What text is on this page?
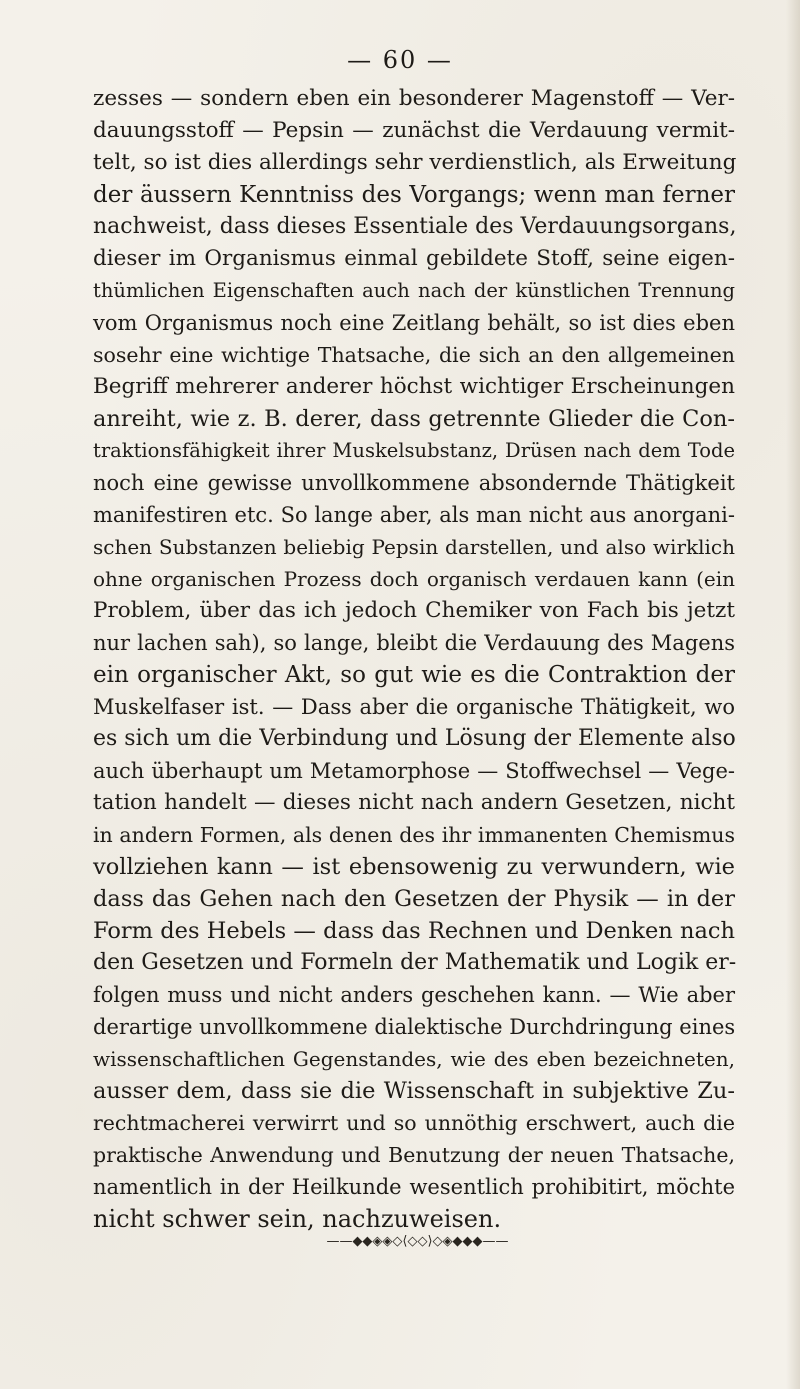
— 60 —
zesses — sondern eben ein besonderer Magenstoff — Ver-
dauungsstoff — Pepsin — zunächst die Verdauung vermit-
telt, so ist dies allerdings sehr verdienstlich, als Erweitung
der äussern Kenntniss des Vorgangs; wenn man ferner
nachweist, dass dieses Essentiale des Verdauungsorgans,
dieser im Organismus einmal gebildete Stoff, seine eigen-
thümlichen Eigenschaften auch nach der künstlichen Trennung
vom Organismus noch eine Zeitlang behält, so ist dies eben
sosehr eine wichtige Thatsache, die sich an den allgemeinen
Begriff mehrerer anderer höchst wichtiger Erscheinungen
anreiht, wie z. B. derer, dass getrennte Glieder die Con-
traktionsfähigkeit ihrer Muskelsubstanz, Drüsen nach dem Tode
noch eine gewisse unvollkommene absondernde Thätigkeit
manifestiren etc. So lange aber, als man nicht aus anorgani-
schen Substanzen beliebig Pepsin darstellen, und also wirklich
ohne organischen Prozess doch organisch verdauen kann (ein
Problem, über das ich jedoch Chemiker von Fach bis jetzt
nur lachen sah), so lange, bleibt die Verdauung des Magens
ein organischer Akt, so gut wie es die Contraktion der
Muskelfaser ist. — Dass aber die organische Thätigkeit, wo
es sich um die Verbindung und Lösung der Elemente also
auch überhaupt um Metamorphose — Stoffwechsel — Vege-
tation handelt — dieses nicht nach andern Gesetzen, nicht
in andern Formen, als denen des ihr immanenten Chemismus
vollziehen kann — ist ebensowenig zu verwundern, wie
dass das Gehen nach den Gesetzen der Physik — in der
Form des Hebels — dass das Rechnen und Denken nach
den Gesetzen und Formeln der Mathematik und Logik er-
folgen muss und nicht anders geschehen kann. — Wie aber
derartige unvollkommene dialektische Durchdringung eines
wissenschaftlichen Gegenstandes, wie des eben bezeichneten,
ausser dem, dass sie die Wissenschaft in subjektive Zu-
rechtmacherei verwirrt und so unnöthig erschwert, auch die
praktische Anwendung und Benutzung der neuen Thatsache,
namentlich in der Heilkunde wesentlich prohibitirt, möchte
nicht schwer sein, nachzuweisen.
——◆◆◈◈◇⟨◇◇⟩◇◈◆◆◆——
